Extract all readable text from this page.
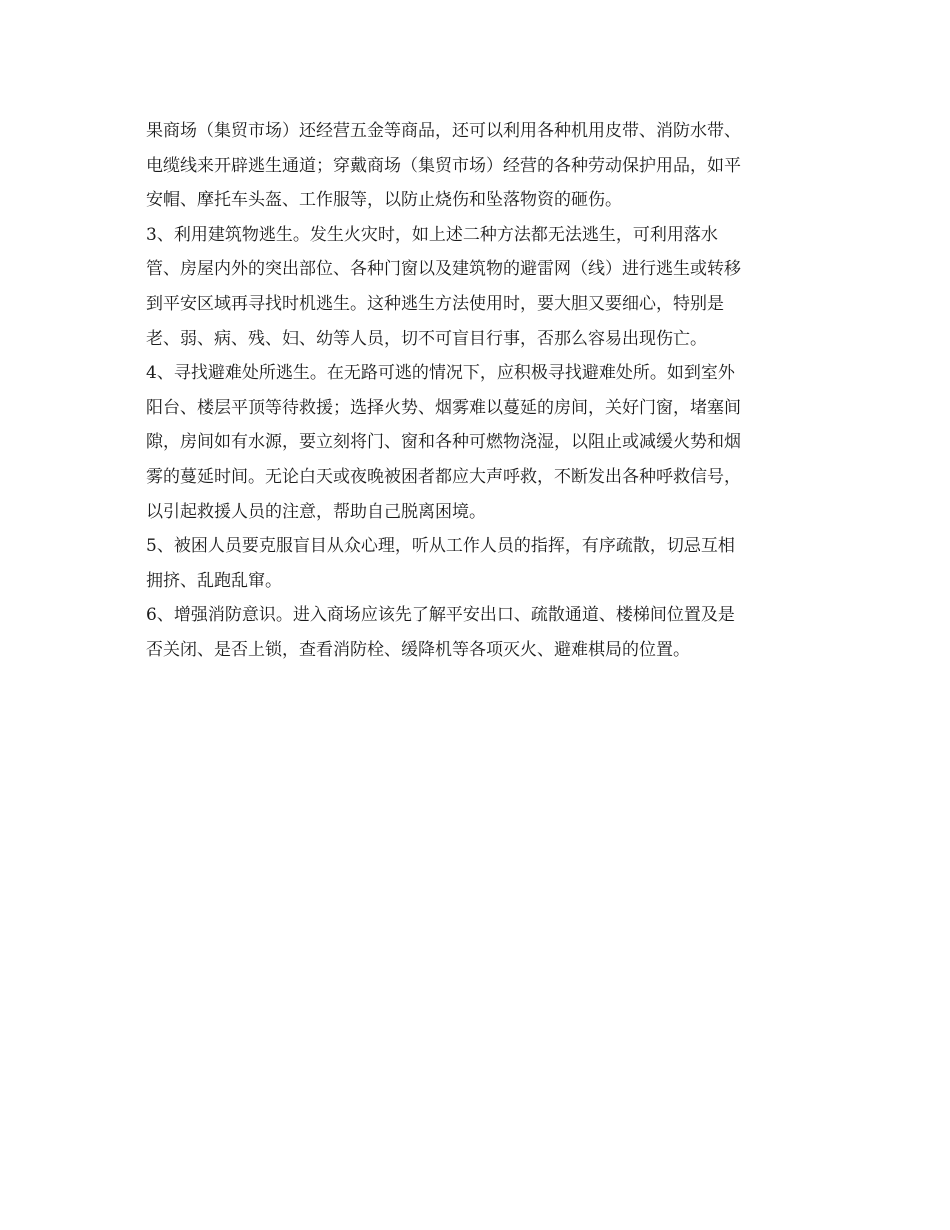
果商场（集贸市场）还经营五金等商品，还可以利用各种机用皮带、消防水带、
电缆线来开辟逃生通道；穿戴商场（集贸市场）经营的各种劳动保护用品，如平
安帽、摩托车头盔、工作服等，以防止烧伤和坠落物资的砸伤。
3、利用建筑物逃生。发生火灾时，如上述二种方法都无法逃生，可利用落水
管、房屋内外的突出部位、各种门窗以及建筑物的避雷网（线）进行逃生或转移
到平安区域再寻找时机逃生。这种逃生方法使用时，要大胆又要细心，特别是
老、弱、病、残、妇、幼等人员，切不可盲目行事，否那么容易出现伤亡。
4、寻找避难处所逃生。在无路可逃的情况下，应积极寻找避难处所。如到室外
阳台、楼层平顶等待救援；选择火势、烟雾难以蔓延的房间，关好门窗，堵塞间
隙，房间如有水源，要立刻将门、窗和各种可燃物浇湿，以阻止或减缓火势和烟
雾的蔓延时间。无论白天或夜晚被困者都应大声呼救，不断发出各种呼救信号，
以引起救援人员的注意，帮助自己脱离困境。
5、被困人员要克服盲目从众心理，听从工作人员的指挥，有序疏散，切忌互相
拥挤、乱跑乱窜。
6、增强消防意识。进入商场应该先了解平安出口、疏散通道、楼梯间位置及是
否关闭、是否上锁，查看消防栓、缓降机等各项灭火、避难棋局的位置。
